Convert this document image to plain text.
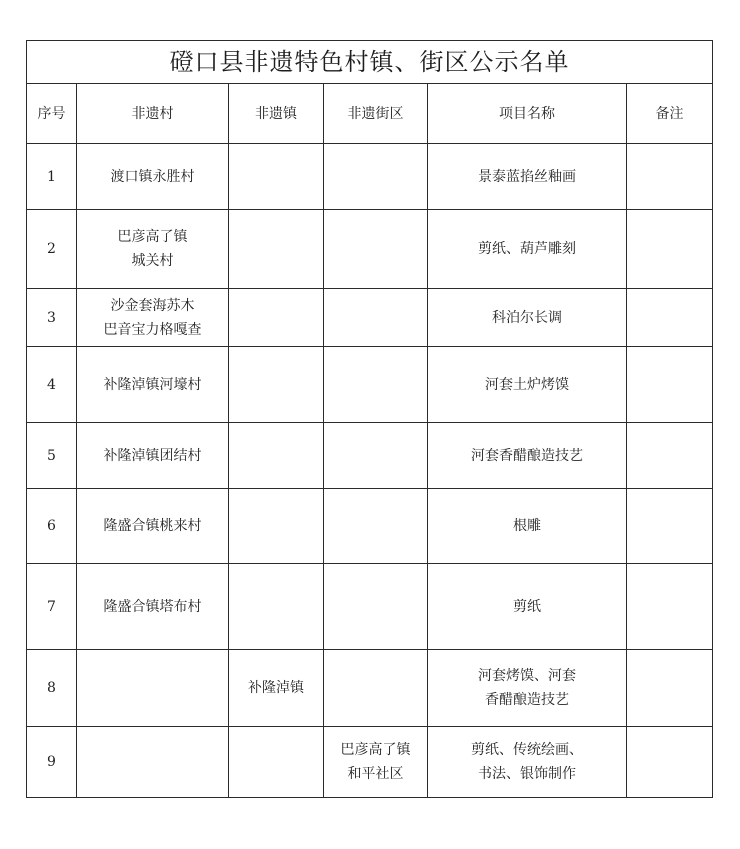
磴口县非遗特色村镇、街区公示名单					
序号	非遗村	非遗镇	非遗街区	项目名称	备注
1	渡口镇永胜村			景泰蓝掐丝釉画	
2	巴彦高了镇
城关村			剪纸、葫芦雕刻	
3	沙金套海苏木
巴音宝力格嘎查			科泊尔长调	
4	补隆淖镇河壕村			河套土炉烤馍	
5	补隆淖镇团结村			河套香醋酿造技艺	
6	隆盛合镇桃来村			根雕	
7	隆盛合镇塔布村			剪纸	
8		补隆淖镇		河套烤馍、河套
香醋酿造技艺	
9			巴彦高了镇
和平社区	剪纸、传统绘画、
书法、银饰制作	
